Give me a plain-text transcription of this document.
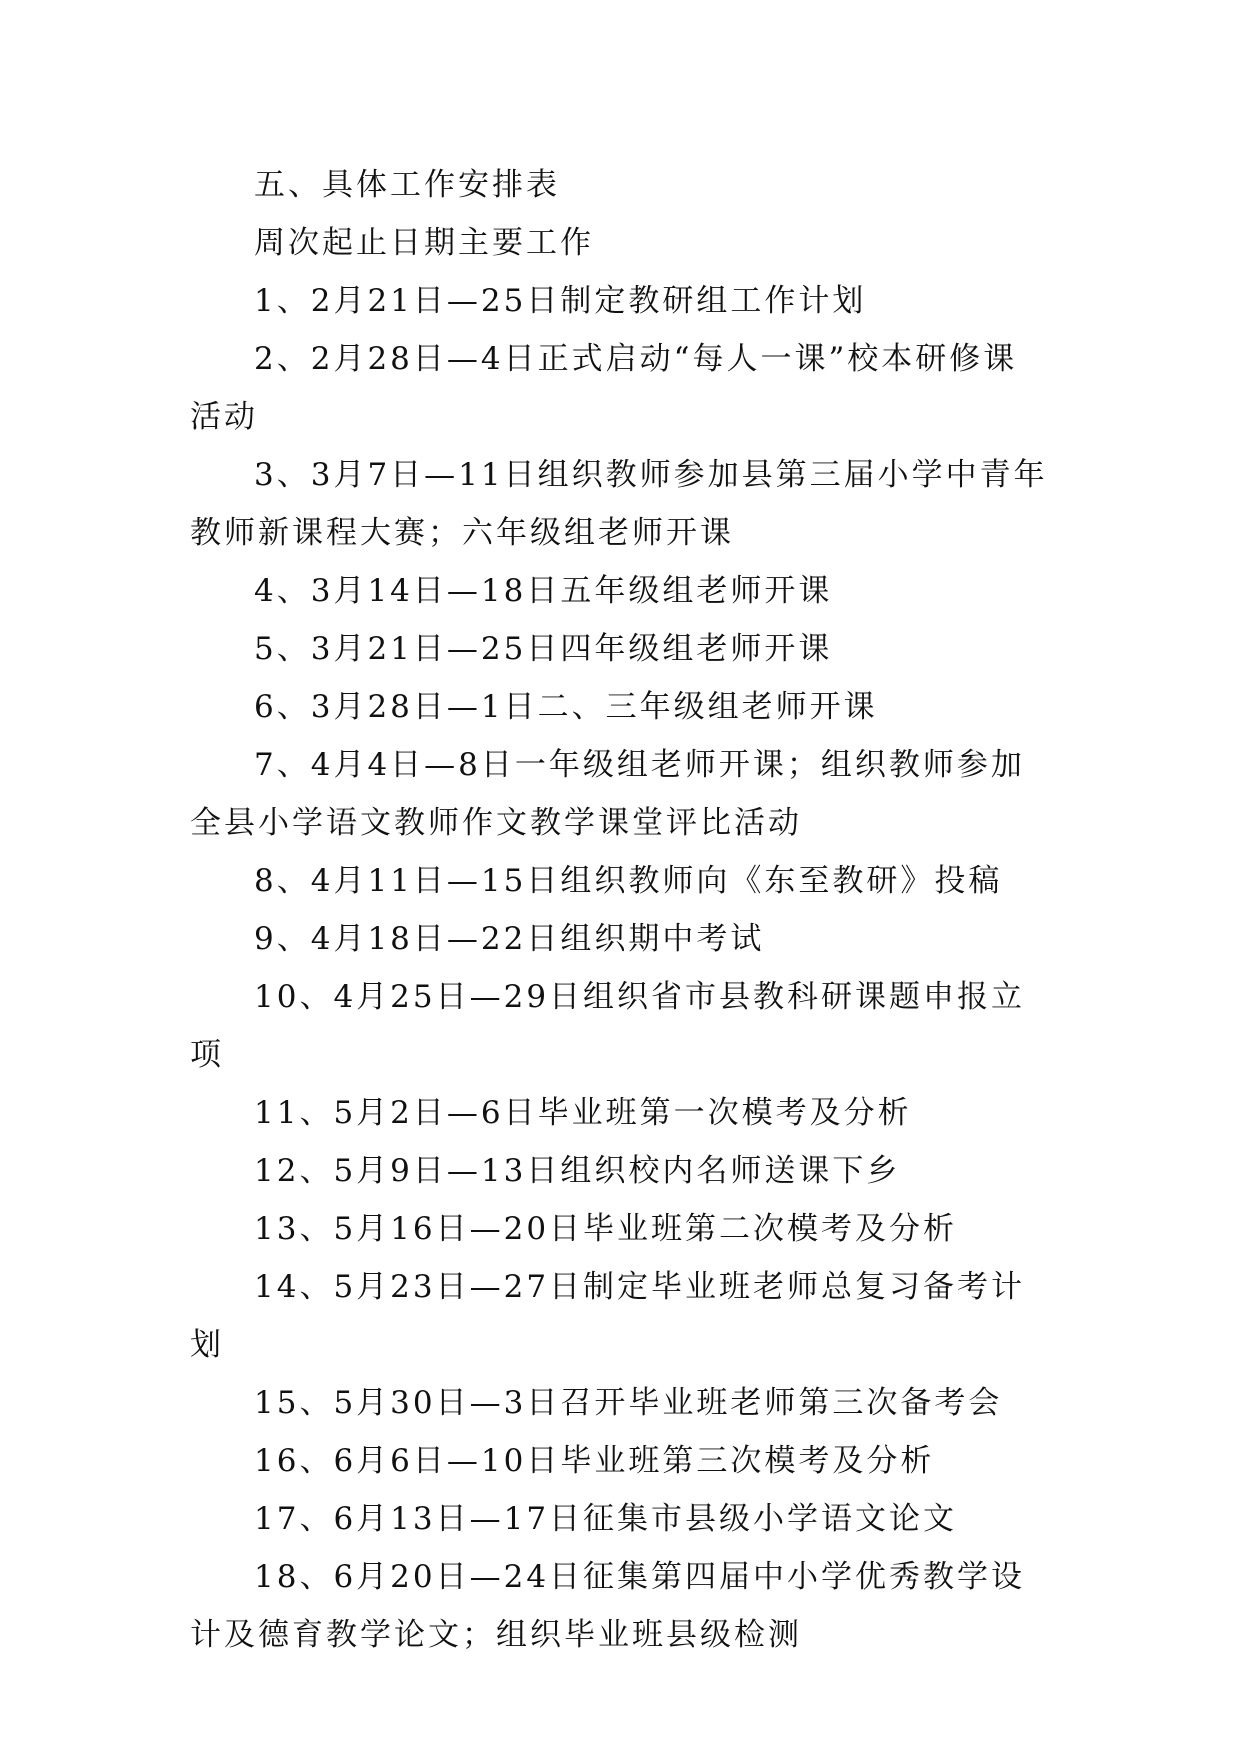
五、具体工作安排表

周次起止日期主要工作

1、2月21日—25日制定教研组工作计划

2、2月28日—4日正式启动“每人一课”校本研修课活动

3、3月7日—11日组织教师参加县第三届小学中青年教师新课程大赛；六年级组老师开课

4、3月14日—18日五年级组老师开课

5、3月21日—25日四年级组老师开课

6、3月28日—1日二、三年级组老师开课

7、4月4日—8日一年级组老师开课；组织教师参加全县小学语文教师作文教学课堂评比活动

8、4月11日—15日组织教师向《东至教研》投稿

9、4月18日—22日组织期中考试

10、4月25日—29日组织省市县教科研课题申报立项

11、5月2日—6日毕业班第一次模考及分析

12、5月9日—13日组织校内名师送课下乡

13、5月16日—20日毕业班第二次模考及分析

14、5月23日—27日制定毕业班老师总复习备考计划

15、5月30日—3日召开毕业班老师第三次备考会

16、6月6日—10日毕业班第三次模考及分析

17、6月13日—17日征集市县级小学语文论文

18、6月20日—24日征集第四届中小学优秀教学设计及德育教学论文；组织毕业班县级检测
